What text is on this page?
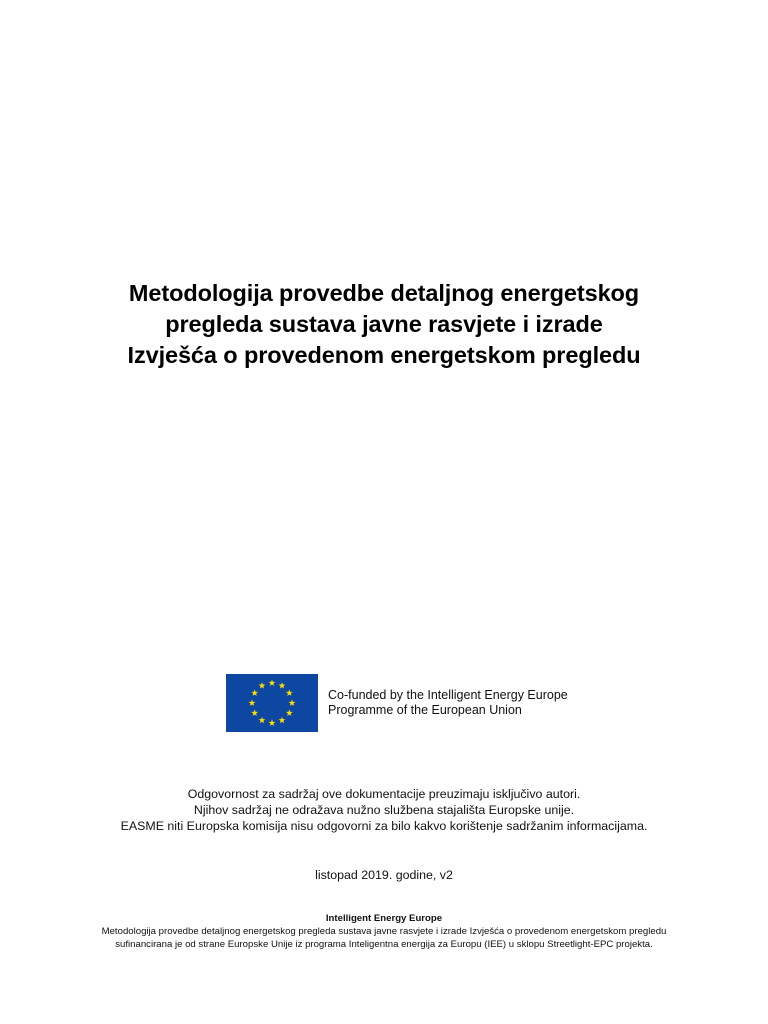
Metodologija provedbe detaljnog energetskog
pregleda sustava javne rasvjete i izrade
Izvješća o provedenom energetskom pregledu
Co-funded by the Intelligent Energy Europe
Programme of the European Union
Odgovornost za sadržaj ove dokumentacije preuzimaju isključivo autori.
Njihov sadržaj ne odražava nužno službena stajališta Europske unije.
EASME niti Europska komisija nisu odgovorni za bilo kakvo korištenje sadržanim informacijama.
listopad 2019. godine, v2
Intelligent Energy Europe
Metodologija provedbe detaljnog energetskog pregleda sustava javne rasvjete i izrade Izvješća o provedenom energetskom pregledu
sufinancirana je od strane Europske Unije iz programa Inteligentna energija za Europu (IEE) u sklopu Streetlight-EPC projekta.
